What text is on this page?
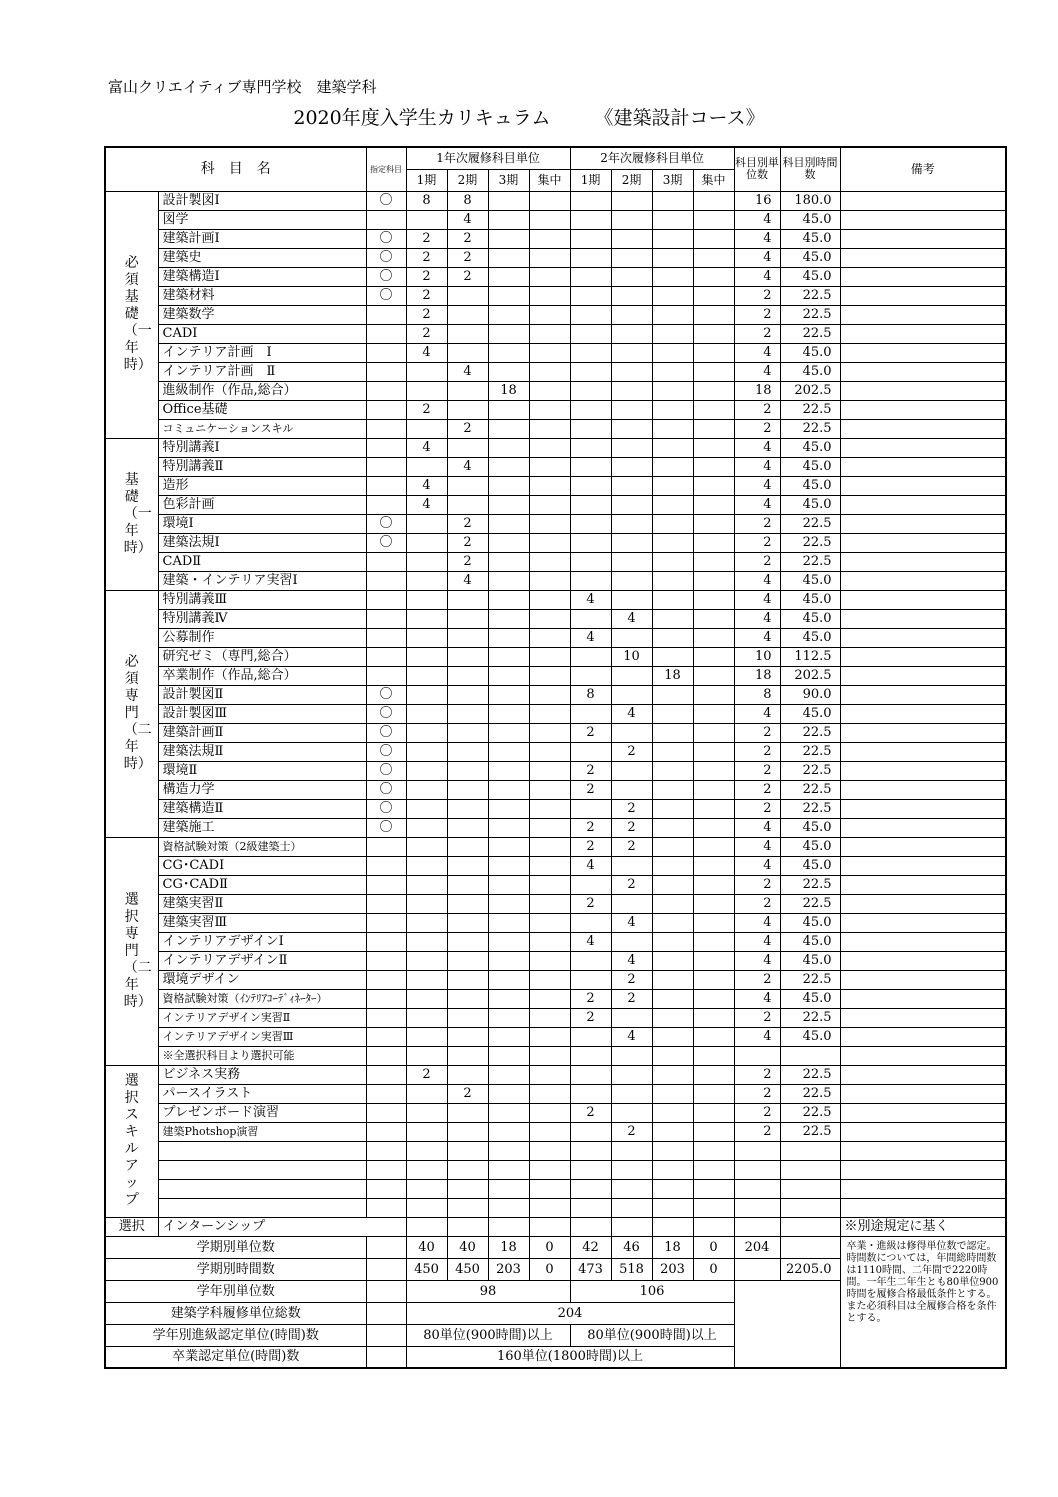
富山クリエイティブ専門学校　建築学科
2020年度入学生カリキュラム 《建築設計コース》
科　目　名		指定科目	1年次履修科目単位				2年次履修科目単位				科目別単位数	科目別時間数	備考
			1期	2期	3期	集中	1期	2期	3期	集中			
必須基礎（一年時）	設計製図Ⅰ	〇	8	8							16	180.0	
	図学			4							4	45.0	
	建築計画Ⅰ	〇	2	2							4	45.0	
	建築史	〇	2	2							4	45.0	
	建築構造Ⅰ	〇	2	2							4	45.0	
	建築材料	〇	2								2	22.5	
	建築数学		2								2	22.5	
	CADⅠ		2								2	22.5	
	インテリア計画　Ⅰ		4								4	45.0	
	インテリア計画　Ⅱ			4							4	45.0	
	進級制作（作品,総合）				18						18	202.5	
	Office基礎		2								2	22.5	
	コミュニケーションスキル			2							2	22.5	
基礎（一年時）	特別講義Ⅰ		4								4	45.0	
	特別講義Ⅱ			4							4	45.0	
	造形		4								4	45.0	
	色彩計画		4								4	45.0	
	環境Ⅰ	〇		2							2	22.5	
	建築法規Ⅰ	〇		2							2	22.5	
	CADⅡ			2							2	22.5	
	建築・インテリア実習Ⅰ			4							4	45.0	
必須専門（二年時）	特別講義Ⅲ						4				4	45.0	
	特別講義Ⅳ							4			4	45.0	
	公募制作						4				4	45.0	
	研究ゼミ（専門,総合）							10			10	112.5	
	卒業制作（作品,総合）								18		18	202.5	
	設計製図Ⅱ	〇					8				8	90.0	
	設計製図Ⅲ	〇						4			4	45.0	
	建築計画Ⅱ	〇					2				2	22.5	
	建築法規Ⅱ	〇						2			2	22.5	
	環境Ⅱ	〇					2				2	22.5	
	構造力学	〇					2				2	22.5	
	建築構造Ⅱ	〇						2			2	22.5	
	建築施工	〇					2	2			4	45.0	
選択専門（二年時）	資格試験対策（2級建築士）						2	2			4	45.0	
	CG･CADⅠ						4				4	45.0	
	CG･CADⅡ							2			2	22.5	
	建築実習Ⅱ						2				2	22.5	
	建築実習Ⅲ							4			4	45.0	
	インテリアデザインⅠ						4				4	45.0	
	インテリアデザインⅡ							4			4	45.0	
	環境デザイン							2			2	22.5	
	資格試験対策（ｲﾝﾃﾘｱｺｰﾃﾞｨﾈｰﾀｰ）						2	2			4	45.0	
	インテリアデザイン実習Ⅱ						2				2	22.5	
	インテリアデザイン実習Ⅲ							4			4	45.0	
	※全選択科目より選択可能												
選択スキルアップ	ビジネス実務		2								2	22.5	
	パースイラスト			2							2	22.5	
	プレゼンボード演習						2				2	22.5	
	建築Photshop演習							2			2	22.5	

選択	インターンシップ												※別途規定に基く
学期別単位数			40	40	18	0	42	46	18	0	204		卒業・進級は修得単位数で認定。時間数については，年間総時間数は1110時間、二年間で2220時間。一年生二年生とも80単位900時間を履修合格最低条件とする。また必須科目は全履修合格を条件とする。
学期別時間数			450	450	203	0	473	518	203	0		2205.0	
学年別単位数			98				106						
建築学科履修単位総数			204										
学年別進級認定単位(時間)数			80単位(900時間)以上				80単位(900時間)以上						
卒業認定単位(時間)数			160単位(1800時間)以上										
